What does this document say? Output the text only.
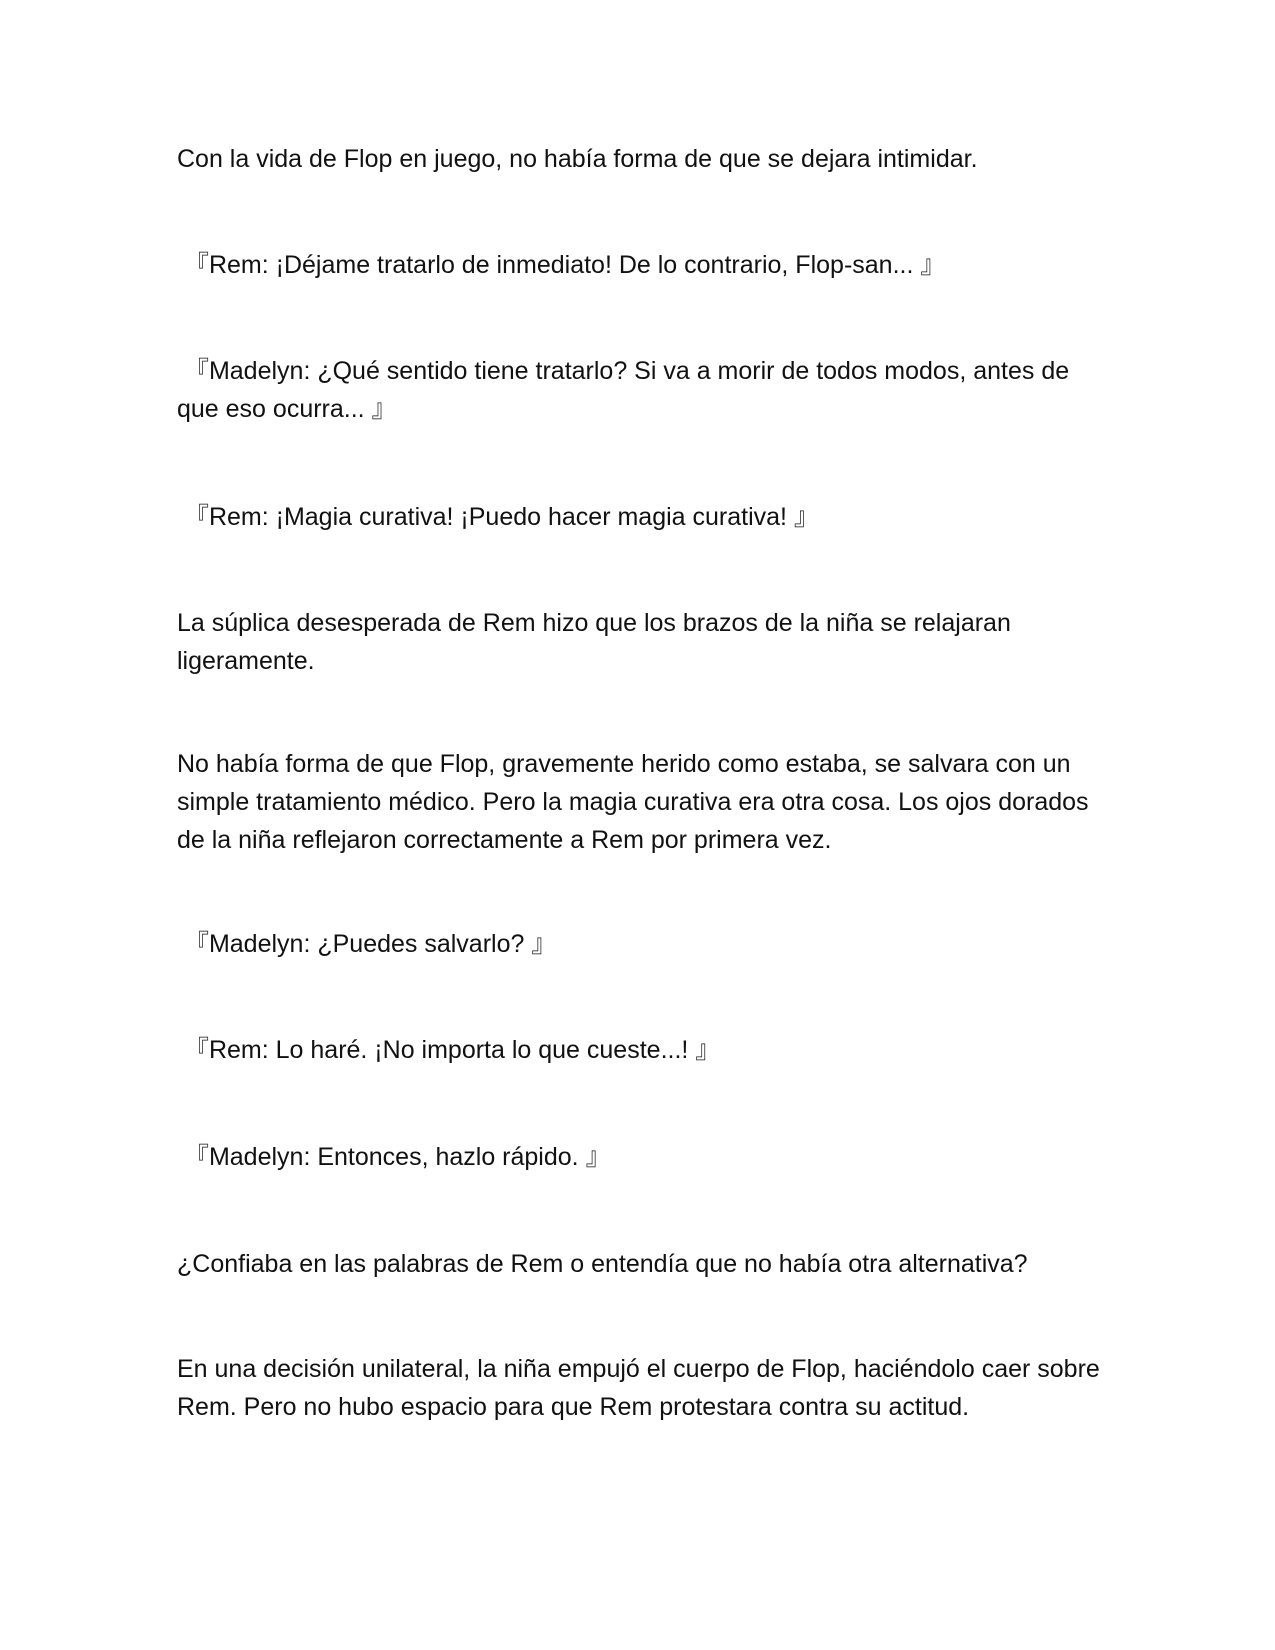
Con la vida de Flop en juego, no había forma de que se dejara intimidar.

『Rem: ¡Déjame tratarlo de inmediato! De lo contrario, Flop-san... 』

『Madelyn: ¿Qué sentido tiene tratarlo? Si va a morir de todos modos, antes de que eso ocurra... 』

『Rem: ¡Magia curativa! ¡Puedo hacer magia curativa! 』

La súplica desesperada de Rem hizo que los brazos de la niña se relajaran ligeramente.

No había forma de que Flop, gravemente herido como estaba, se salvara con un simple tratamiento médico. Pero la magia curativa era otra cosa. Los ojos dorados de la niña reflejaron correctamente a Rem por primera vez.

『Madelyn: ¿Puedes salvarlo? 』

『Rem: Lo haré. ¡No importa lo que cueste...! 』

『Madelyn: Entonces, hazlo rápido. 』

¿Confiaba en las palabras de Rem o entendía que no había otra alternativa?

En una decisión unilateral, la niña empujó el cuerpo de Flop, haciéndolo caer sobre Rem. Pero no hubo espacio para que Rem protestara contra su actitud.
